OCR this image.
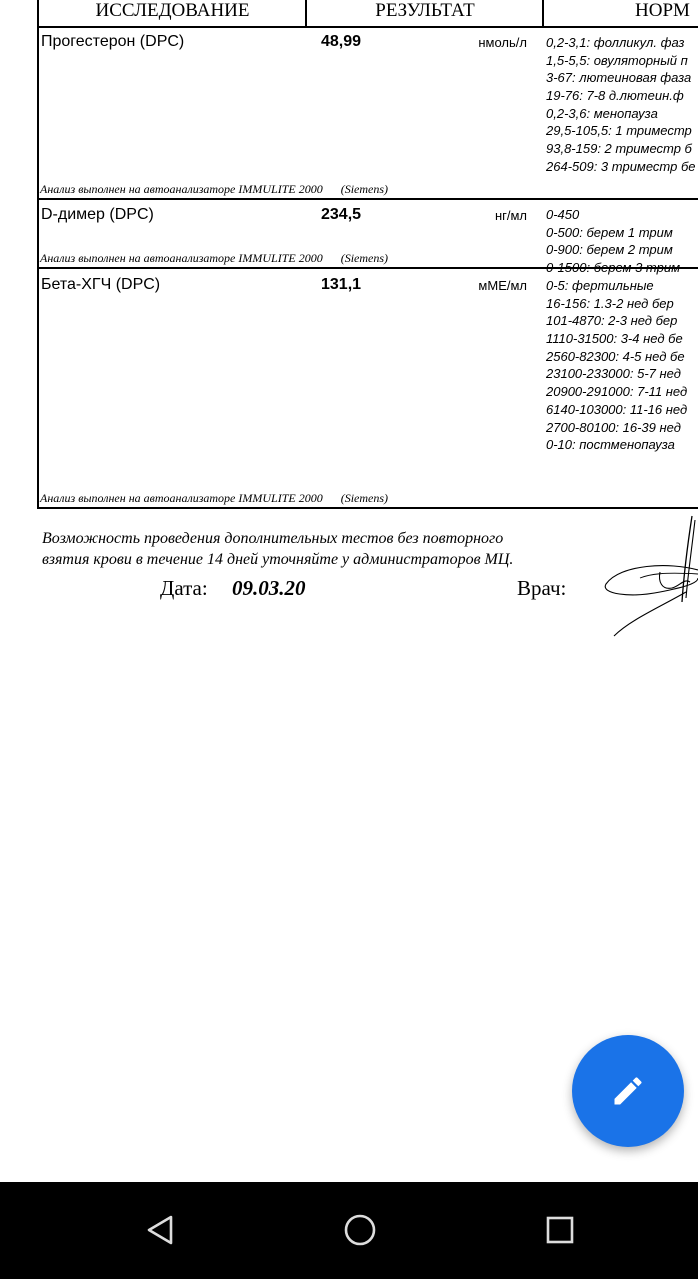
ИССЛЕДОВАНИЕ	РЕЗУЛЬТАТ	НОРМ
Прогестерон (DPC)	48,99	нмоль/л 0,2-3,1: фолликул. фаз
1,5-5,5: овуляторный п
3-67: лютеиновая фаза
19-76: 7-8 д.лютеин.ф
0,2-3,6: менопауза
29,5-105,5: 1 триместр
93,8-159: 2 триместр б
264-509: 3 триместр бе
Анализ выполнен на автоанализаторе IMMULITE 2000 (Siemens)
D-димер (DPC)	234,5	нг/мл 0-450
0-500: берем 1 трим
0-900: берем 2 трим
0-1500: берем 3 трим
Анализ выполнен на автоанализаторе IMMULITE 2000 (Siemens)
Бета-ХГЧ (DPC)	131,1	мМЕ/мл 0-5: фертильные
16-156: 1.3-2 нед бер
101-4870: 2-3 нед бер
1110-31500: 3-4 нед бе
2560-82300: 4-5 нед бе
23100-233000: 5-7 нед
20900-291000: 7-11 нед
6140-103000: 11-16 нед
2700-80100: 16-39 нед
0-10: постменопауза
Анализ выполнен на автоанализаторе IMMULITE 2000 (Siemens)
Возможность проведения дополнительных тестов без повторного
взятия крови в течение 14 дней уточняйте у администраторов МЦ.
Дата: 09.03.20	Врач:
